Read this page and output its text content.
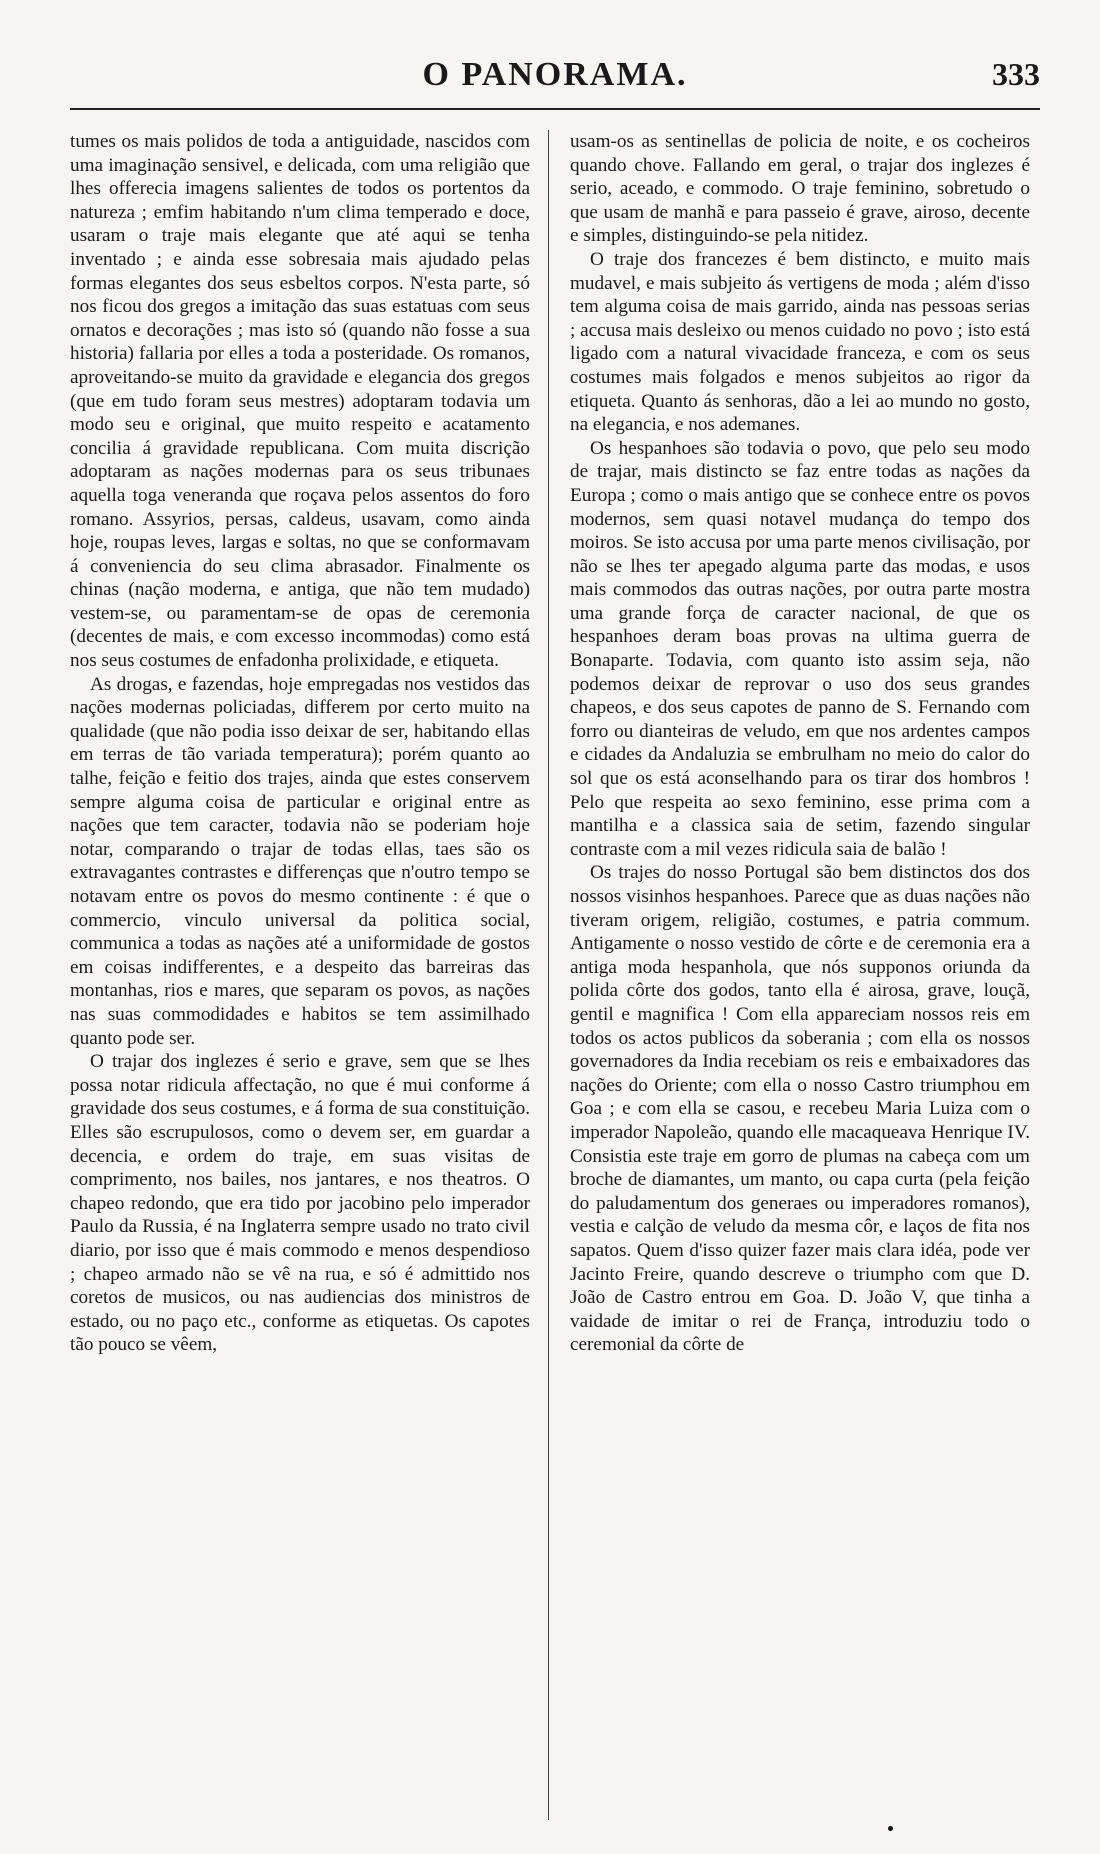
O PANORAMA.	333

tumes os mais polidos de toda a antiguidade, nascidos com uma imaginação sensivel, e delicada, com uma religião que lhes offerecia imagens salientes de todos os portentos da natureza ; emfim habitando n'um clima temperado e doce, usaram o traje mais elegante que até aqui se tenha inventado ; e ainda esse sobresaia mais ajudado pelas formas elegantes dos seus esbeltos corpos. N'esta parte, só nos ficou dos gregos a imitação das suas estatuas com seus ornatos e decorações ; mas isto só (quando não fosse a sua historia) fallaria por elles a toda a posteridade. Os romanos, aproveitando-se muito da gravidade e elegancia dos gregos (que em tudo foram seus mestres) adoptaram todavia um modo seu e original, que muito respeito e acatamento concilia á gravidade republicana. Com muita discrição adoptaram as nações modernas para os seus tribunaes aquella toga veneranda que roçava pelos assentos do foro romano. Assyrios, persas, caldeus, usavam, como ainda hoje, roupas leves, largas e soltas, no que se conformavam á conveniencia do seu clima abrasador. Finalmente os chinas (nação moderna, e antiga, que não tem mudado) vestem-se, ou paramentam-se de opas de ceremonia (decentes de mais, e com excesso incommodas) como está nos seus costumes de enfadonha prolixidade, e etiqueta.

As drogas, e fazendas, hoje empregadas nos vestidos das nações modernas policiadas, differem por certo muito na qualidade (que não podia isso deixar de ser, habitando ellas em terras de tão variada temperatura); porém quanto ao talhe, feição e feitio dos trajes, ainda que estes conservem sempre alguma coisa de particular e original entre as nações que tem caracter, todavia não se poderiam hoje notar, comparando o trajar de todas ellas, taes são os extravagantes contrastes e differenças que n'outro tempo se notavam entre os povos do mesmo continente : é que o commercio, vinculo universal da politica social, communica a todas as nações até a uniformidade de gostos em coisas indifferentes, e a despeito das barreiras das montanhas, rios e mares, que separam os povos, as nações nas suas commodidades e habitos se tem assimilhado quanto pode ser.

O trajar dos inglezes é serio e grave, sem que se lhes possa notar ridicula affectação, no que é mui conforme á gravidade dos seus costumes, e á forma de sua constituição. Elles são escrupulosos, como o devem ser, em guardar a decencia, e ordem do traje, em suas visitas de comprimento, nos bailes, nos jantares, e nos theatros. O chapeo redondo, que era tido por jacobino pelo imperador Paulo da Russia, é na Inglaterra sempre usado no trato civil diario, por isso que é mais commodo e menos despendioso ; chapeo armado não se vê na rua, e só é admittido nos coretos de musicos, ou nas audiencias dos ministros de estado, ou no paço etc., conforme as etiquetas. Os capotes tão pouco se vêem,

usam-os as sentinellas de policia de noite, e os cocheiros quando chove. Fallando em geral, o trajar dos inglezes é serio, aceado, e commodo. O traje feminino, sobretudo o que usam de manhã e para passeio é grave, airoso, decente e simples, distinguindo-se pela nitidez.

O traje dos francezes é bem distincto, e muito mais mudavel, e mais subjeito ás vertigens de moda ; além d'isso tem alguma coisa de mais garrido, ainda nas pessoas serias ; accusa mais desleixo ou menos cuidado no povo ; isto está ligado com a natural vivacidade franceza, e com os seus costumes mais folgados e menos subjeitos ao rigor da etiqueta. Quanto ás senhoras, dão a lei ao mundo no gosto, na elegancia, e nos ademanes.

Os hespanhoes são todavia o povo, que pelo seu modo de trajar, mais distincto se faz entre todas as nações da Europa ; como o mais antigo que se conhece entre os povos modernos, sem quasi notavel mudança do tempo dos moiros. Se isto accusa por uma parte menos civilisação, por não se lhes ter apegado alguma parte das modas, e usos mais commodos das outras nações, por outra parte mostra uma grande força de caracter nacional, de que os hespanhoes deram boas provas na ultima guerra de Bonaparte. Todavia, com quanto isto assim seja, não podemos deixar de reprovar o uso dos seus grandes chapeos, e dos seus capotes de panno de S. Fernando com forro ou dianteiras de veludo, em que nos ardentes campos e cidades da Andaluzia se embrulham no meio do calor do sol que os está aconselhando para os tirar dos hombros ! Pelo que respeita ao sexo feminino, esse prima com a mantilha e a classica saia de setim, fazendo singular contraste com a mil vezes ridicula saia de balão !

Os trajes do nosso Portugal são bem distinctos dos dos nossos visinhos hespanhoes. Parece que as duas nações não tiveram origem, religião, costumes, e patria commum. Antigamente o nosso vestido de côrte e de ceremonia era a antiga moda hespanhola, que nós supponos oriunda da polida côrte dos godos, tanto ella é airosa, grave, louçã, gentil e magnifica ! Com ella appareciam nossos reis em todos os actos publicos da soberania ; com ella os nossos governadores da India recebiam os reis e embaixadores das nações do Oriente; com ella o nosso Castro triumphou em Goa ; e com ella se casou, e recebeu Maria Luiza com o imperador Napoleão, quando elle macaqueava Henrique IV. Consistia este traje em gorro de plumas na cabeça com um broche de diamantes, um manto, ou capa curta (pela feição do paludamentum dos generaes ou imperadores romanos), vestia e calção de veludo da mesma côr, e laços de fita nos sapatos. Quem d'isso quizer fazer mais clara idéa, pode ver Jacinto Freire, quando descreve o triumpho com que D. João de Castro entrou em Goa. D. João V, que tinha a vaidade de imitar o rei de França, introduziu todo o ceremonial da côrte de
